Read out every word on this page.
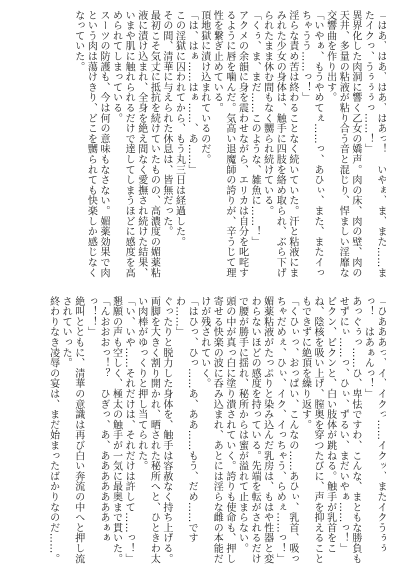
「はあ、はあ、はあ、はあっ！　いやぁ、ま、また……またイクっ、うぅぅぅっ……！」

異界化した肉洞に響く乙女の嬌声。肉の床、肉の壁、肉の天井、多量の粘液が粘り合う音と混じり、悍ましい淫靡な交響曲を作り出す。

「いやぁ、もうやめてぇ……っ、あひぃ、また、またイっちゃうう……っ！」

淫らな責め苦は終わることなく続いていた。汗と粘液にまみれた少女の身体は、触手に四肢を絡め取られ、ぶら下げられたまま休む間もなく嬲られ続けている。

「くぅ、ま、まだ……このような、雑魚に……！」

アクメの余韻に身を震わせながら、エリカは自分を叱咤するように唇を噛んだ。気高い退魔師の誇りが、辛うじて理性を繋ぎ止めている。

頂地獄に漬け込まれているのだ。

「は、はぁ……はぁ……、あ……」

この淫獄に囚われてから、もう丸三日は経過した。

その間、清華に与えられた休息は、皆無だった。

最初こそ気丈に抵抗を続けていたものの、高濃度の媚薬粘液に漬け込まれ、全身を絶え間なく愛撫され続けた結果、いまや肌に触れられるだけで達してしまうほどに感度を高められてしまっている。

スーツの防護も、今は何の意味もなさない。媚薬効果で肉という肉は蕩けきり、どこを嬲られても快楽しか感じなくなっていた。

「ひあああっ、イ、イクっ……イクッ、またイクうぅぅっ！　はあぁんっ！」

あっぐぅっ……ひ、卑怯ですわ、こんな、まともな勝負もせずにぃ……っ、ひぃ、ずるい、まだいやぁ……っ！」

ビクン、ビクンと、白い肢体が跳ねる。触手が乳首をこね、陰核を吸い上げ、膣奥を穿つたびに、声を抑えることもできずに絶頂を繰り返す。

「くひぃっ、おっぱい、こんなの……あひぃ、乳首、吸っちゃだめぇ、ひぃ、イク、イっちゃう、らめぇ……っ！」

媚薬粘液がたっぷりと染み込んだ乳房は、もはや性器と変わらないほどの感度を持っている。先端を転がされるだけで腰が勝手に揺れ、秘所からは蜜が溢れて止まらない。

頭の中が真っ白に塗り潰されていく。誇りも使命も、押し寄せる快楽の波に呑み込まれ、あとには淫らな雌の本能だけが残されていく。

「はひっ、ひっ……あ、ああ……もう、だめ……ですわ……」

ぐったりと脱力した身体を、触手は容赦なく持ち上げる。両脚を大きく割り開かれ、晒された秘所へと、ひときわ太い肉棒がゆっくりと押し当てられた。

「い、いや……それだけは、それだけは許して……っ！」

懇願の声も空しく、極太の触手が一気に最奥まで貫いた。

「んおおおっ！？　ひぎっ、あ、あああああああぁぁっ！！」

絶叫とともに、清華の意識は再び白い奔流の中へと押し流されていった。

終わりなき凌辱の宴は、まだ始まったばかりなのだ……。
